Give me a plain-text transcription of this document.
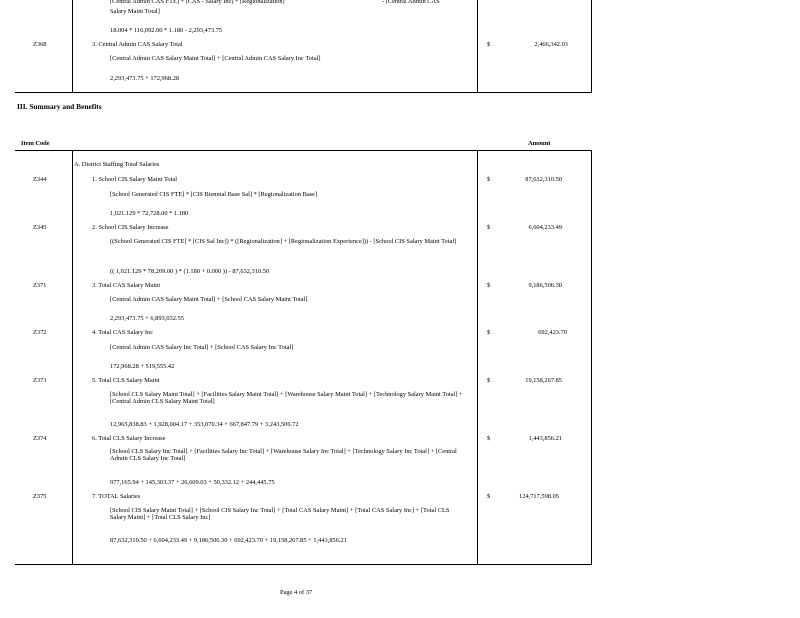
[Central Admin CAS FTE] * [CAS - Salary Inc] * [Regionalization]	- [Central Admin CAS
Salary Maint Total]
18.004 * 116,092.00 * 1.180 - 2,293,473.75
Z368	3. Central Admin CAS Salary Total	$	2,466,342.03
[Central Admin CAS Salary Maint Total] + [Central Admin CAS Salary Inc Total]
2,293,473.75 + 172,968.28
III. Summary and Benefits
Item Code	Amount
A. District Staffing Total Salaries
Z344	1. School CIS Salary Maint Total	$	87,632,310.50
[School Generated CIS FTE] * [CIS Biennial Base Sal] * [Regionalization Base]
1,021.129 * 72,728.00 * 1.180
Z345	2. School CIS Salary Increase	$	6,604,233.49
((School Generated CIS FTE] * [CIS Sal Inc]) * ([Regionalization] + [Regionalization Experience])) - [School CIS Salary Maint Total]
(( 1,021.129 * 78,209.00 ) * (1.180 + 0.000 )) - 87,632,310.50
Z371	3. Total CAS Salary Maint	$	9,186,506.30
[Central Admin CAS Salary Maint Total] + [School CAS Salary Maint Total]
2,293,473.75 + 6,893,032.55
Z372	4. Total CAS Salary Inc	$	692,423.70
[Central Admin CAS Salary Inc Total] + [School CAS Salary Inc Total]
172,968.28 + 519,555.42
Z373	5. Total CLS Salary Maint	$	19,158,267.85
[School CLS Salary Maint Total] + [Facilities Salary Maint Total] + [Warehouse Salary Maint Total] + [Technology Salary Maint Total] + [Central Admin CLS Salary Maint Total]
12,965,838.83 + 1,928,004.17 + 353,070.34 + 667,847.79 + 3,243,506.72
Z374	6. Total CLS Salary Increase	$	1,443,856.21
[School CLS Salary Inc Total] + [Facilities Salary Inc Total] + [Warehouse Salary Inc Total] + [Technology Salary Inc Total] + [Central Admin CLS Salary Inc Total]
977,165.94 + 145,303.37 + 26,609.03 + 50,332.12 + 244,445.75
Z375	7. TOTAL Salaries	$	124,717,598.05
[School CIS Salary Maint Total] + [School CIS Salary Inc Total] + [Total CAS Salary Maint] + [Total CAS Salary Inc] + [Total CLS Salary Maint] + [Total CLS Salary Inc]
87,632,310.50 + 6,604,233.49 + 9,186,506.30 + 692,423.70 + 19,158,267.85 + 1,443,856.21
Page 4 of 37
